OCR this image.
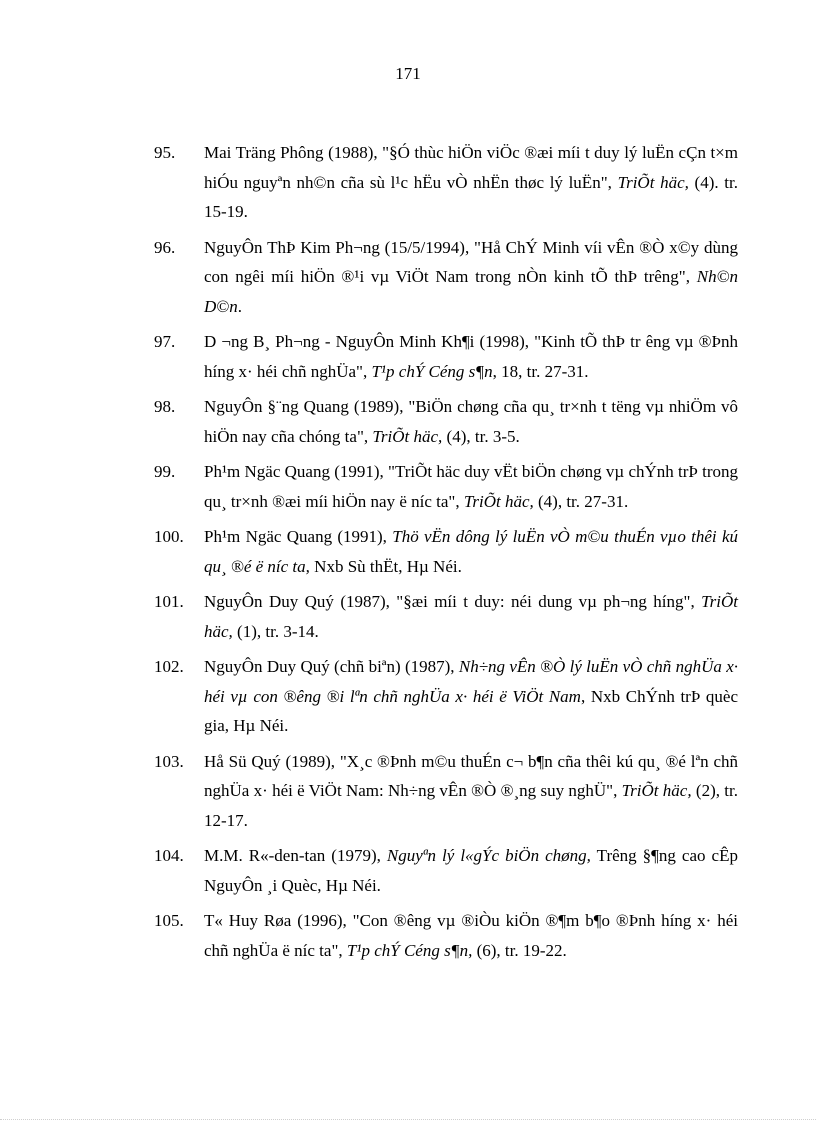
171
95. Mai Träng Phông (1988), "§Ó thùc hiÖn viÖc ®æi míi t duy lý luËn cÇn t×m hiÓu nguyªn nh©n cña sù l¹c hËu vÒ nhËn thøc lý luËn", TriÕt häc, (4). tr. 15-19.
96. NguyÔn ThÞ Kim Ph¬ng (15/5/1994), "Hå ChÝ Minh víi vÊn ®Ò x©y dùng con ngêi míi hiÖn ®¹i vµ ViÖt Nam trong nÒn kinh tÕ thÞ trêng", Nh©n D©n.
97. D ¬ng B¸ Ph¬ng - NguyÔn Minh Kh¶i (1998), "Kinh tÕ thÞ tr êng vµ ®Þnh híng x· héi chñ nghÜa", T¹p chÝ Céng s¶n, 18, tr. 27-31.
98. NguyÔn §¨ng Quang (1989), "BiÖn chøng cña qu¸ tr×nh t tëng vµ nhiÖm vô hiÖn nay cña chóng ta", TriÕt häc, (4), tr. 3-5.
99. Ph¹m Ngäc Quang (1991), "TriÕt häc duy vËt biÖn chøng vµ chÝnh trÞ trong qu¸ tr×nh ®æi míi hiÖn nay ë níc ta", TriÕt häc, (4), tr. 27-31.
100. Ph¹m Ngäc Quang (1991), Thö vËn dông lý luËn vÒ m©u thuÉn vµo thêi kú qu¸ ®é ë níc ta, Nxb Sù thËt, Hµ Néi.
101. NguyÔn Duy Quý (1987), "§æi míi t duy: néi dung vµ ph¬ng híng", TriÕt häc, (1), tr. 3-14.
102. NguyÔn Duy Quý (chñ biªn) (1987), Nh÷ng vÊn ®Ò lý luËn vÒ chñ nghÜa x· héi vµ con ®êng ®i lªn chñ nghÜa x· héi ë ViÖt Nam, Nxb ChÝnh trÞ quèc gia, Hµ Néi.
103. Hå Sü Quý (1989), "X¸c ®Þnh m©u thuÉn c¬ b¶n cña thêi kú qu¸ ®é lªn chñ nghÜa x· héi ë ViÖt Nam: Nh÷ng vÊn ®Ò ®¸ng suy nghÜ", TriÕt häc, (2), tr. 12-17.
104. M.M. R«-den-tan (1979), Nguyªn lý l«gÝc biÖn chøng, Trêng §¶ng cao cÊp NguyÔn ¸i Quèc, Hµ Néi.
105. T« Huy Røa (1996), "Con ®êng vµ ®iÒu kiÖn ®¶m b¶o ®Þnh híng x· héi chñ nghÜa ë níc ta", T¹p chÝ Céng s¶n, (6), tr. 19-22.
